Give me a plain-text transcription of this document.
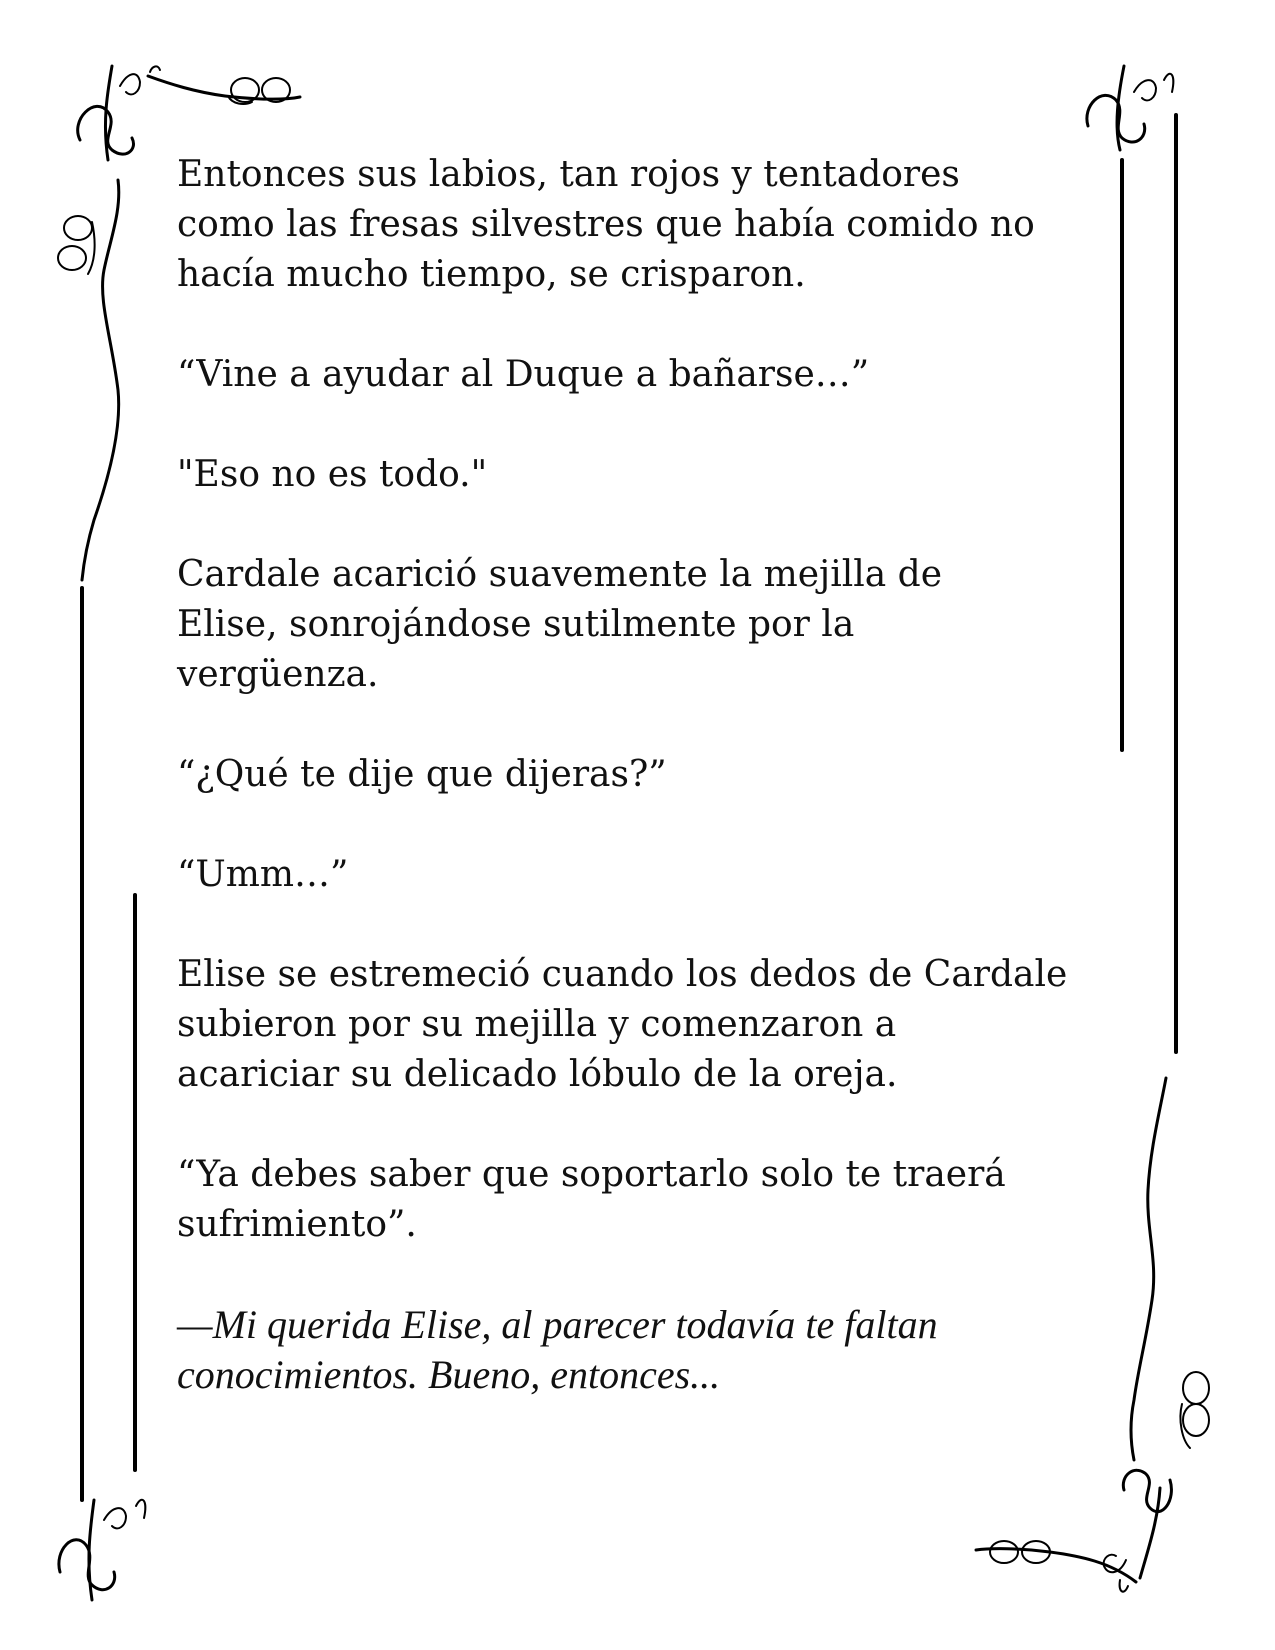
Entonces sus labios, tan rojos y tentadores
como las fresas silvestres que había comido no
hacía mucho tiempo, se crisparon.

“Vine a ayudar al Duque a bañarse…”

"Eso no es todo."

Cardale acarició suavemente la mejilla de
Elise, sonrojándose sutilmente por la
vergüenza.

“¿Qué te dije que dijeras?”

“Umm…”

Elise se estremeció cuando los dedos de Cardale
subieron por su mejilla y comenzaron a
acariciar su delicado lóbulo de la oreja.

“Ya debes saber que soportarlo solo te traerá
sufrimiento”.

—Mi querida Elise, al parecer todavía te faltan
conocimientos. Bueno, entonces...
